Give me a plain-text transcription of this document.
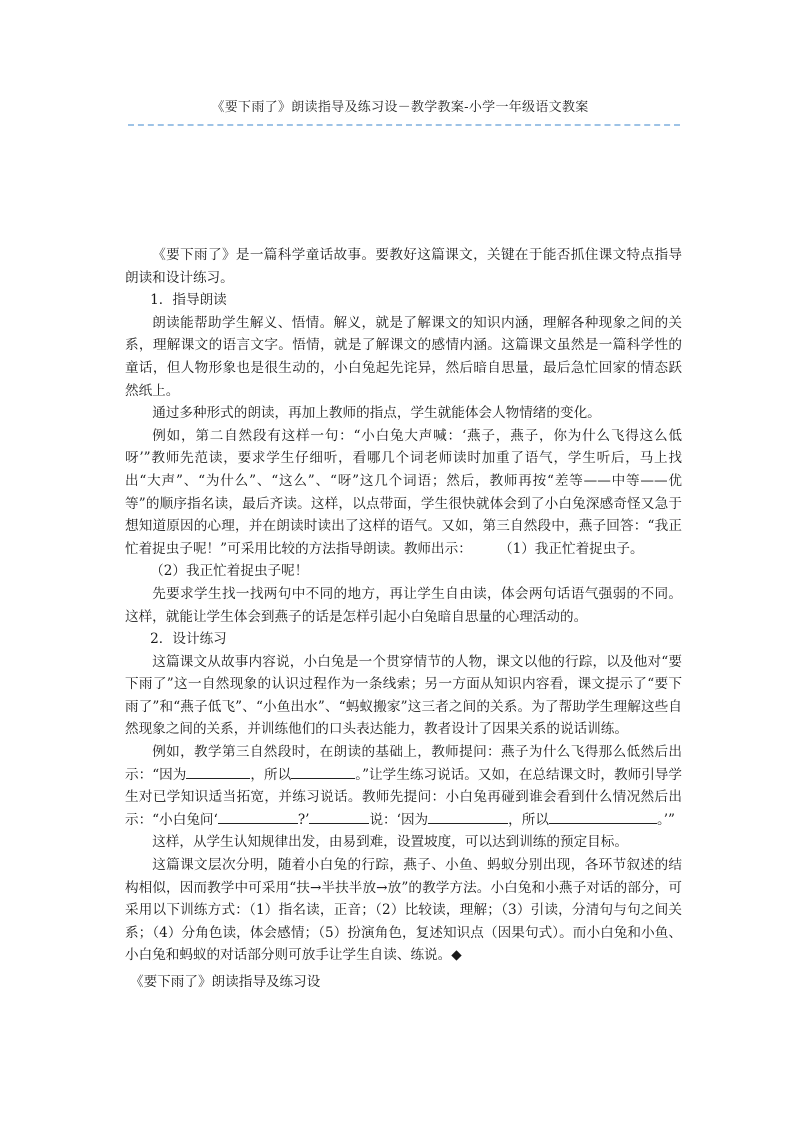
《要下雨了》朗读指导及练习设－教学教案-小学一年级语文教案

《要下雨了》是一篇科学童话故事。要教好这篇课文，关键在于能否抓住课文特点指导朗读和设计练习。

1．指导朗读

朗读能帮助学生解义、悟情。解义，就是了解课文的知识内涵，理解各种现象之间的关系，理解课文的语言文字。悟情，就是了解课文的感情内涵。这篇课文虽然是一篇科学性的童话，但人物形象也是很生动的，小白兔起先诧异，然后暗自思量，最后急忙回家的情态跃然纸上。

通过多种形式的朗读，再加上教师的指点，学生就能体会人物情绪的变化。

例如，第二自然段有这样一句：“小白兔大声喊：‘燕子，燕子，你为什么飞得这么低呀’”教师先范读，要求学生仔细听，看哪几个词老师读时加重了语气，学生听后，马上找出“大声”、“为什么”、“这么”、“呀”这几个词语；然后，教师再按“差等——中等——优等”的顺序指名读，最后齐读。这样，以点带面，学生很快就体会到了小白兔深感奇怪又急于想知道原因的心理，并在朗读时读出了这样的语气。又如，第三自然段中，燕子回答：“我正忙着捉虫子呢！”可采用比较的方法指导朗读。教师出示：　　　（1）我正忙着捉虫子。

（2）我正忙着捉虫子呢！

先要求学生找一找两句中不同的地方，再让学生自由读，体会两句话语气强弱的不同。这样，就能让学生体会到燕子的话是怎样引起小白兔暗自思量的心理活动的。

2．设计练习

这篇课文从故事内容说，小白兔是一个贯穿情节的人物，课文以他的行踪，以及他对“要下雨了”这一自然现象的认识过程作为一条线索；另一方面从知识内容看，课文提示了“要下雨了”和“燕子低飞”、“小鱼出水”、“蚂蚁搬家”这三者之间的关系。为了帮助学生理解这些自然现象之间的关系，并训练他们的口头表达能力，教者设计了因果关系的说话训练。

例如，教学第三自然段时，在朗读的基础上，教师提问：燕子为什么飞得那么低然后出示：“因为	，所以	。”让学生练习说话。又如，在总结课文时，教师引导学生对已学知识适当拓宽，并练习说话。教师先提问：小白兔再碰到谁会看到什么情况然后出示：“小白兔问‘	?’	说：‘因为	，所以	。’”

这样，从学生认知规律出发，由易到难，设置坡度，可以达到训练的预定目标。

这篇课文层次分明，随着小白兔的行踪，燕子、小鱼、蚂蚁分别出现，各环节叙述的结构相似，因而教学中可采用“扶→半扶半放→放”的教学方法。小白兔和小燕子对话的部分，可采用以下训练方式：（1）指名读，正音；（2）比较读，理解；（3）引读，分清句与句之间关系；（4）分角色读，体会感情；（5）扮演角色，复述知识点（因果句式）。而小白兔和小鱼、小白兔和蚂蚁的对话部分则可放手让学生自读、练说。◆

《要下雨了》朗读指导及练习设
